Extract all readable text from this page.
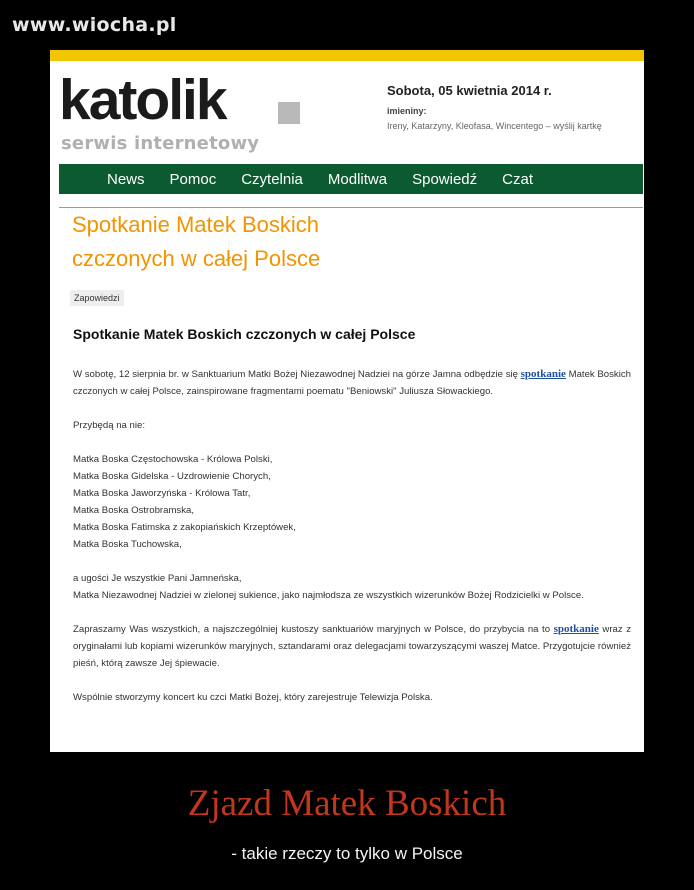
www.wiocha.pl
katolik
serwis internetowy
Sobota, 05 kwietnia 2014 r.
imieniny:
Ireny, Katarzyny, Kleofasa, Wincentego – wyślij kartkę
News Pomoc Czytelnia Modlitwa Spowiedź Czat
Spotkanie Matek Boskich
czczonych w całej Polsce
Zapowiedzi
Spotkanie Matek Boskich czczonych w całej Polsce

W sobotę, 12 sierpnia br. w Sanktuarium Matki Bożej Niezawodnej Nadziei na górze Jamna odbędzie się spotkanie Matek Boskich czczonych w całej Polsce, zainspirowane fragmentami poematu "Beniowski" Juliusza Słowackiego.

Przybędą na nie:

Matka Boska Częstochowska - Królowa Polski,

Matka Boska Gidelska - Uzdrowienie Chorych,

Matka Boska Jaworzyńska - Królowa Tatr,

Matka Boska Ostrobramska,

Matka Boska Fatimska z zakopiańskich Krzeptówek,

Matka Boska Tuchowska,

a ugości Je wszystkie Pani Jamneńska,
Matka Niezawodnej Nadziei w zielonej sukience, jako najmłodsza ze wszystkich wizerunków Bożej Rodzicielki w Polsce.

Zapraszamy Was wszystkich, a najszczególniej kustoszy sanktuariów maryjnych w Polsce, do przybycia na to spotkanie wraz z oryginałami lub kopiami wizerunków maryjnych, sztandarami oraz delegacjami towarzyszącymi waszej Matce. Przygotujcie również pieśń, którą zawsze Jej śpiewacie.

Wspólnie stworzymy koncert ku czci Matki Bożej, który zarejestruje Telewizja Polska.

Zjazd Matek Boskich
- takie rzeczy to tylko w Polsce
